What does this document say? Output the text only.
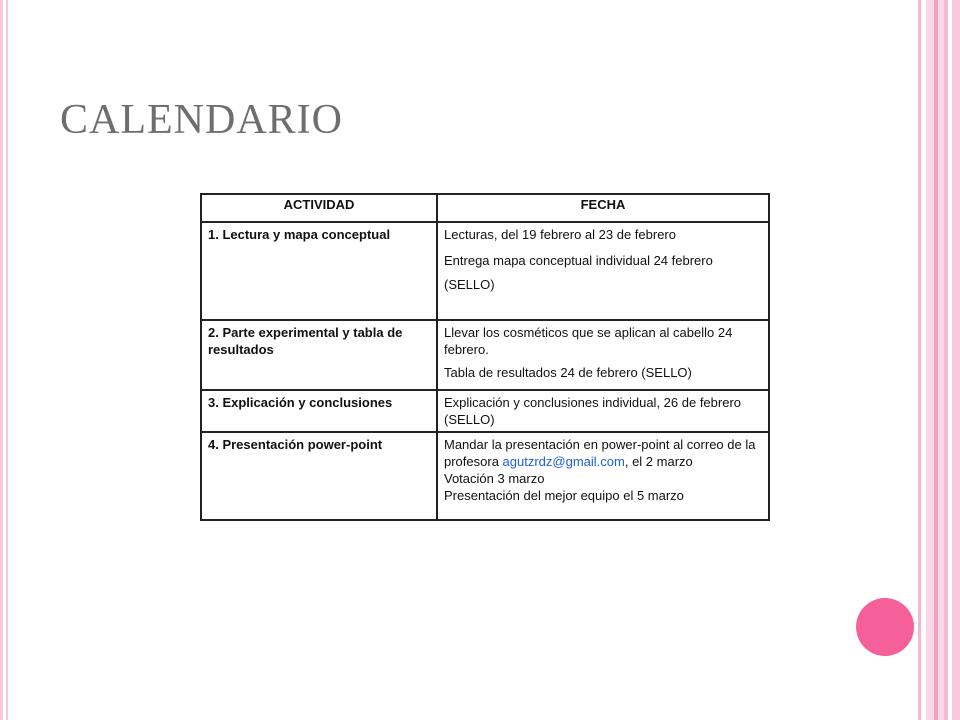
CALENDARIO
ACTIVIDAD	FECHA
1. Lectura y mapa conceptual	Lecturas, del 19 febrero al 23 de febrero

Entrega mapa conceptual individual 24 febrero (SELLO)

2. Parte experimental y tabla de resultados	Llevar los cosméticos que se aplican al cabello 24 febrero.

Tabla de resultados 24 de febrero (SELLO)

3. Explicación y conclusiones	Explicación y conclusiones individual, 26 de febrero (SELLO)

4. Presentación power-point	Mandar la presentación en power-point al correo de la profesora agutzrdz@gmail.com, el 2 marzo

Votación 3 marzo

Presentación del mejor equipo el 5 marzo
